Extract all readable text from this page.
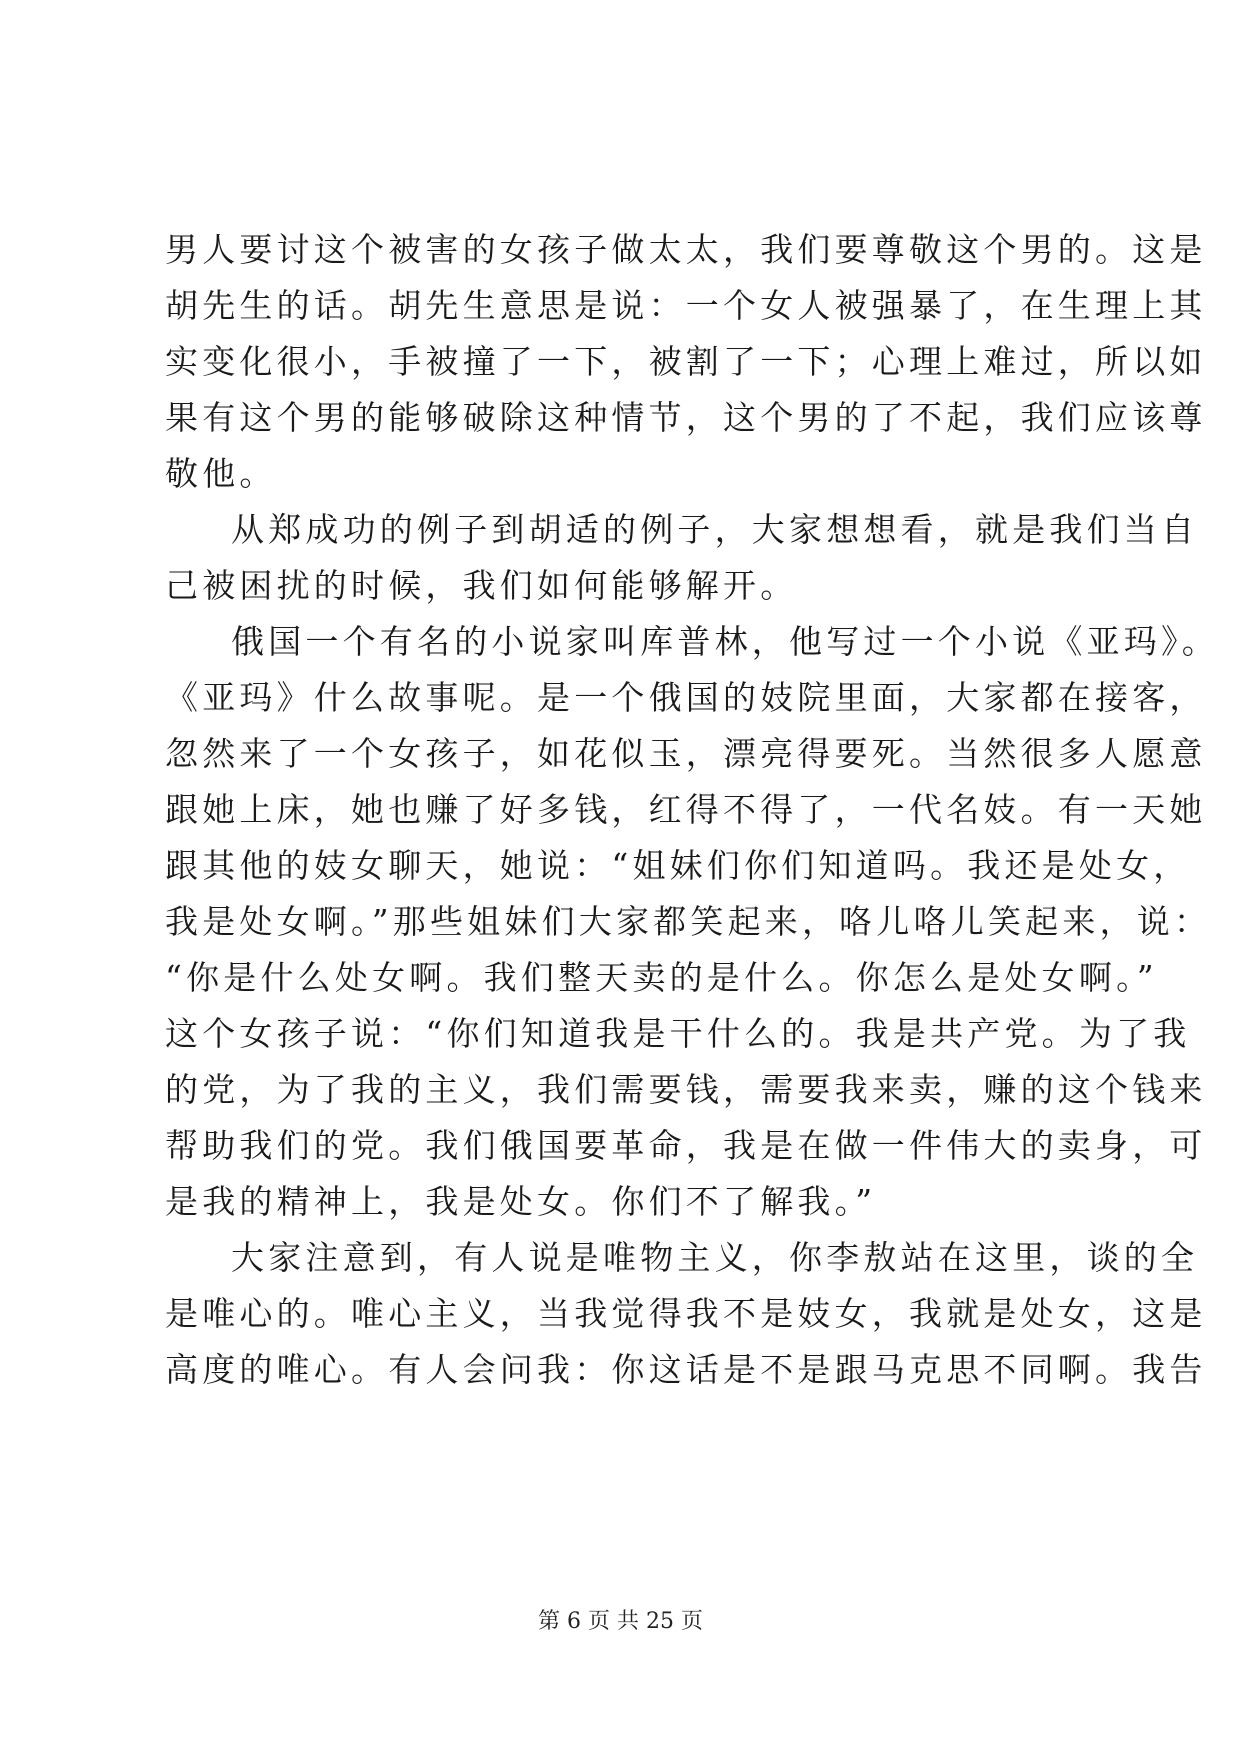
男人要讨这个被害的女孩子做太太，我们要尊敬这个男的。这是
胡先生的话。胡先生意思是说：一个女人被强暴了，在生理上其
实变化很小，手被撞了一下，被割了一下；心理上难过，所以如
果有这个男的能够破除这种情节，这个男的了不起，我们应该尊
敬他。
从郑成功的例子到胡适的例子，大家想想看，就是我们当自
己被困扰的时候，我们如何能够解开。
俄国一个有名的小说家叫库普林，他写过一个小说《亚玛》。
《亚玛》什么故事呢。是一个俄国的妓院里面，大家都在接客，
忽然来了一个女孩子，如花似玉，漂亮得要死。当然很多人愿意
跟她上床，她也赚了好多钱，红得不得了，一代名妓。有一天她
跟其他的妓女聊天，她说：“姐妹们你们知道吗。我还是处女，
我是处女啊。”那些姐妹们大家都笑起来，咯儿咯儿笑起来，说：
“你是什么处女啊。我们整天卖的是什么。你怎么是处女啊。”
这个女孩子说：“你们知道我是干什么的。我是共产党。为了我
的党，为了我的主义，我们需要钱，需要我来卖，赚的这个钱来
帮助我们的党。我们俄国要革命，我是在做一件伟大的卖身，可
是我的精神上，我是处女。你们不了解我。”
大家注意到，有人说是唯物主义，你李敖站在这里，谈的全
是唯心的。唯心主义，当我觉得我不是妓女，我就是处女，这是
高度的唯心。有人会问我：你这话是不是跟马克思不同啊。我告
第 6 页 共 25 页
